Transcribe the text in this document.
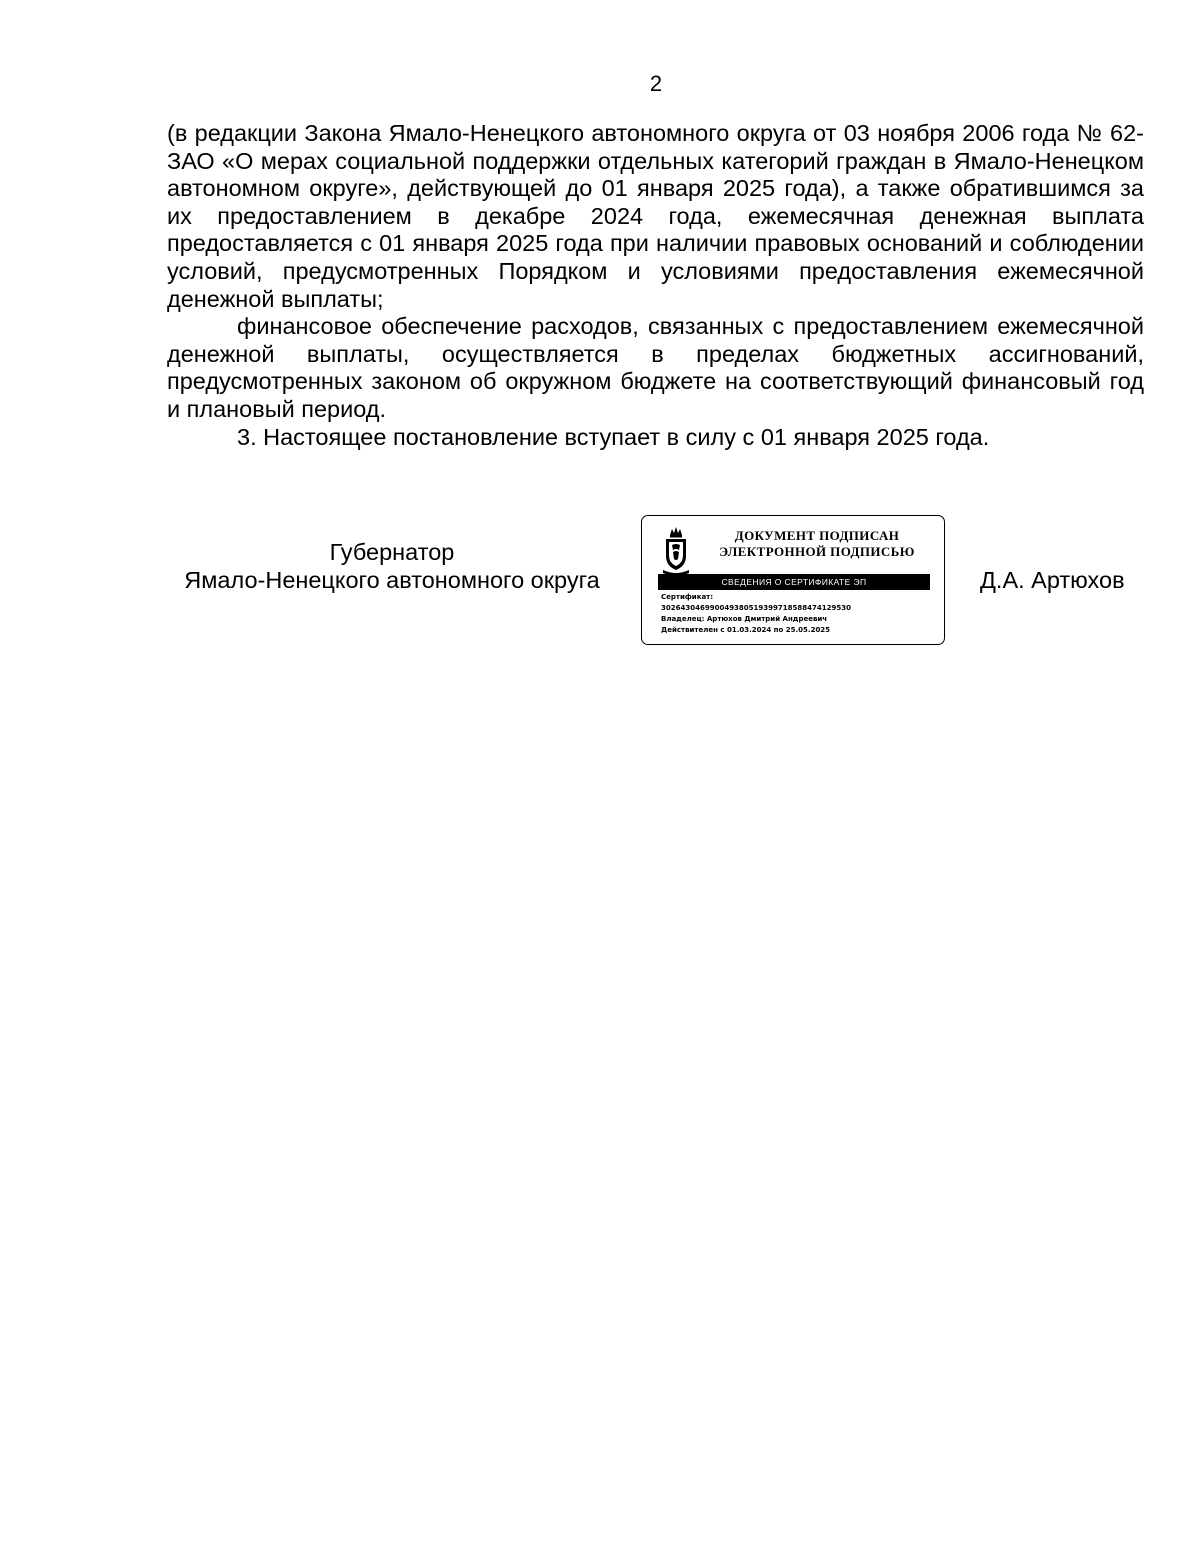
2

(в редакции Закона Ямало-Ненецкого автономного округа от 03 ноября 2006 года № 62-ЗАО «О мерах социальной поддержки отдельных категорий граждан в Ямало-Ненецком автономном округе», действующей до 01 января 2025 года), а также обратившимся за их предоставлением в декабре 2024 года, ежемесячная денежная выплата предоставляется с 01 января 2025 года при наличии правовых оснований и соблюдении условий, предусмотренных Порядком и условиями предоставления ежемесячной денежной выплаты;

финансовое обеспечение расходов, связанных с предоставлением ежемесячной денежной выплаты, осуществляется в пределах бюджетных ассигнований, предусмотренных законом об окружном бюджете на соответствующий финансовый год и плановый период.

3. Настоящее постановление вступает в силу с 01 января 2025 года.

Губернатор
Ямало-Ненецкого автономного округа
ДОКУМЕНТ ПОДПИСАН
ЭЛЕКТРОННОЙ ПОДПИСЬЮ
СВЕДЕНИЯ О СЕРТИФИКАТЕ ЭП
Сертификат:
302643046990049380519399718588474129530
Владелец: Артюхов Дмитрий Андреевич
Действителен с 01.03.2024 по 25.05.2025
Д.А. Артюхов
